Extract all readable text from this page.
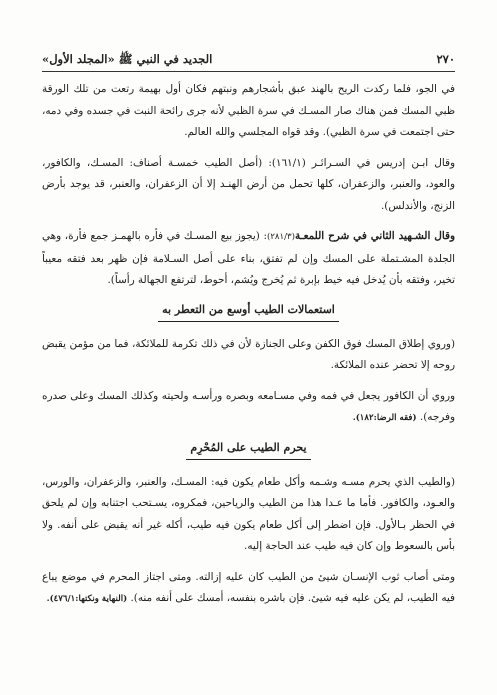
٢٧٠
الجديد في النبي ﷺ «المجلد الأول»

في الجو، فلما ركدت الريح بالهند عبق بأشجارهم ونبتهم فكان أول بهيمة رتعت من تلك الورقة ظبي المسك فمن هناك صار المسـك في سرة الظبي لأنه جرى رائحة النبت في جسده وفي دمه، حتى اجتمعت في سرة الظبي). وقد قواه المجلسي والله العالم.

وقال ابـن إدريس في السـرائـر (١٦١/١): (أصل الطيب خمسـة أصناف: المسـك، والكافور، والعود، والعنبر، والزعفران، كلها تحمل من أرض الهنـد إلا أن الزعفران، والعنبر، قد يوجد بأرض الزنج، والأندلس).

وقال الشـهيد الثاني في شرح اللمعـة(٢٨١/٣): (يجوز بيع المسـك في فأره بالهمـز جمع فأرة، وهي الجلدة المشـتملة على المسك وإن لم تفتق، بناء على أصل السـلامة فإن ظهر بعد فتقه معيباً تخير، وفتقه بأن يُدخل فيه خيط بإبرة ثم يُخرج ويُشم، أحوط، لترتفع الجهالة رأساً).

استعمالات الطيب أوسع من التعطر به

(وروي إطلاق المسك فوق الكفن وعلى الجنازة لأن في ذلك تكرمة للملائكة، فما من مؤمن يقبض روحه إلا تحضر عنده الملائكة.

وروي أن الكافور يجعل في فمه وفي مسـامعه وبصره ورأسـه ولحيته وكذلك المسك وعلى صدره وفرجه). (فقه الرضا:١٨٢).

يحرم الطيب على المُحْرِم

(والطيب الذي يحرم مسـه وشـمه وأكل طعام يكون فيه: المسـك، والعنبر، والزعفران، والورس، والعـود، والكافور. فأما ما عـدا هذا من الطيب والرياحين، فمكروه، يسـتحب اجتنابه وإن لم يلحق في الحظر بـالأول. فإن اضطر إلى أكل طعام يكون فيه طيب، أكله غير أنه يقبض على أنفه. ولا بأس بالسعوط وإن كان فيه طيب عند الحاجة إليه.

ومتى أصاب ثوب الإنسـان شيئ من الطيب كان عليه إزالته. ومتى اجتاز المحرم في موضع يباع فيه الطيب، لم يكن عليه فيه شيئ. فإن باشره بنفسه، أمسك على أنفه منه). (النهاية ونكتها:٤٧٦/١).
